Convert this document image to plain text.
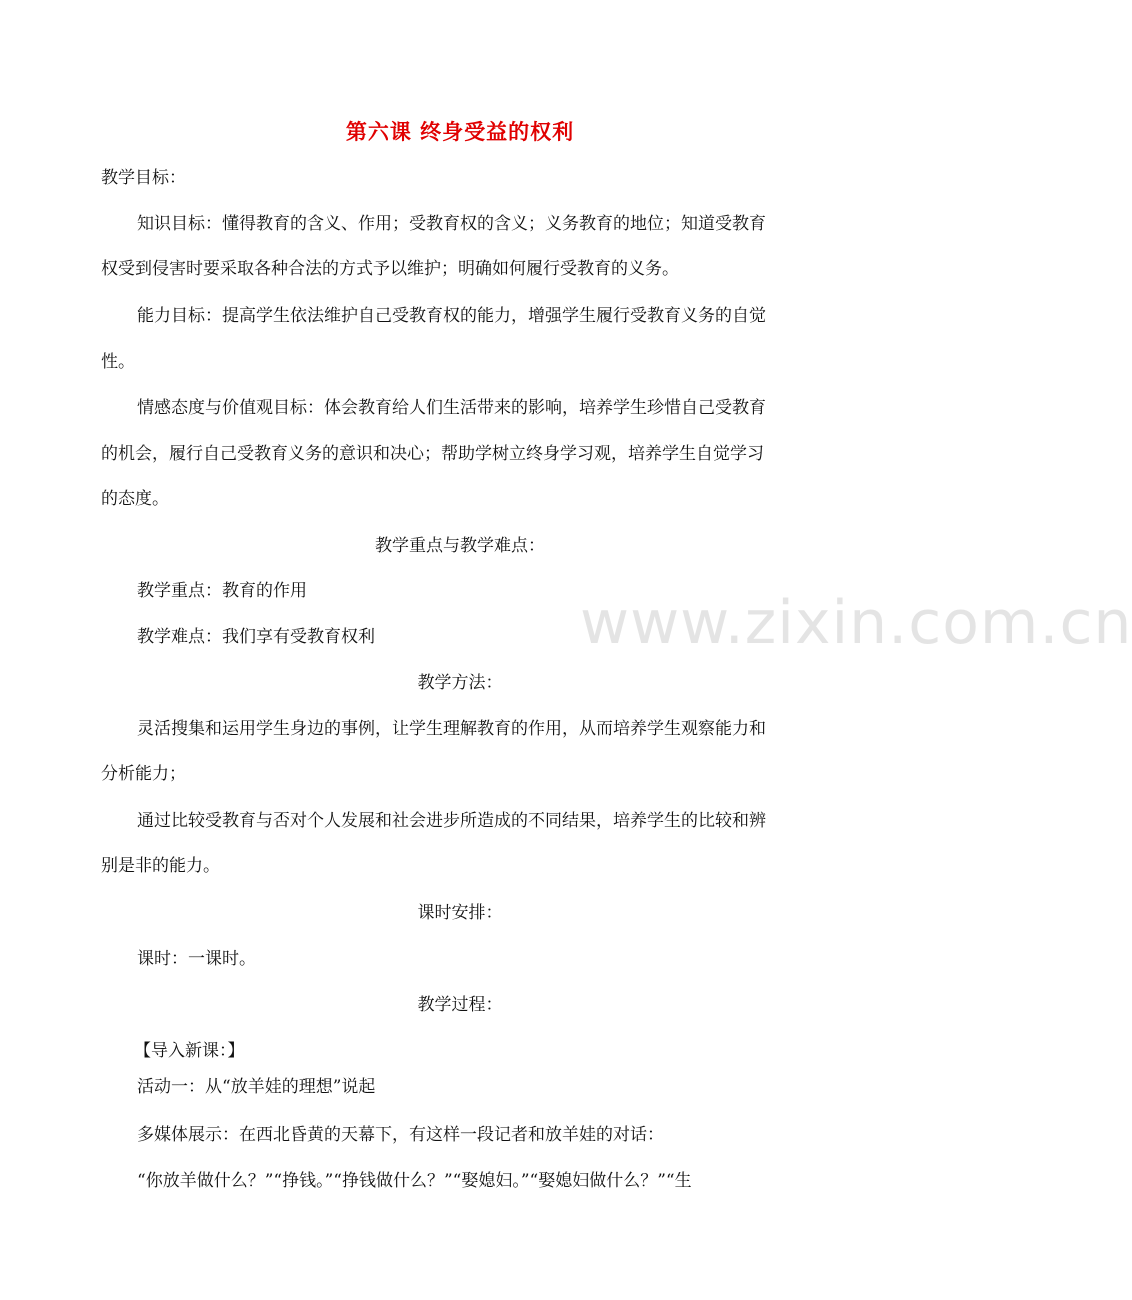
www.zixin.com.cn
第六课 终身受益的权利
教学目标：
知识目标：懂得教育的含义、作用；受教育权的含义；义务教育的地位；知道受教育
权受到侵害时要采取各种合法的方式予以维护；明确如何履行受教育的义务。
能力目标：提高学生依法维护自己受教育权的能力，增强学生履行受教育义务的自觉
性。
情感态度与价值观目标：体会教育给人们生活带来的影响，培养学生珍惜自己受教育
的机会，履行自己受教育义务的意识和决心；帮助学树立终身学习观，培养学生自觉学习
的态度。
教学重点与教学难点：
教学重点：教育的作用
教学难点：我们享有受教育权利
教学方法：
灵活搜集和运用学生身边的事例，让学生理解教育的作用，从而培养学生观察能力和
分析能力；
通过比较受教育与否对个人发展和社会进步所造成的不同结果，培养学生的比较和辨
别是非的能力。
课时安排：
课时：一课时。
教学过程：
【导入新课：】
活动一：从“放羊娃的理想”说起
多媒体展示：在西北昏黄的天幕下，有这样一段记者和放羊娃的对话：
“你放羊做什么？”“挣钱。”“挣钱做什么？”“娶媳妇。”“娶媳妇做什么？”“生
